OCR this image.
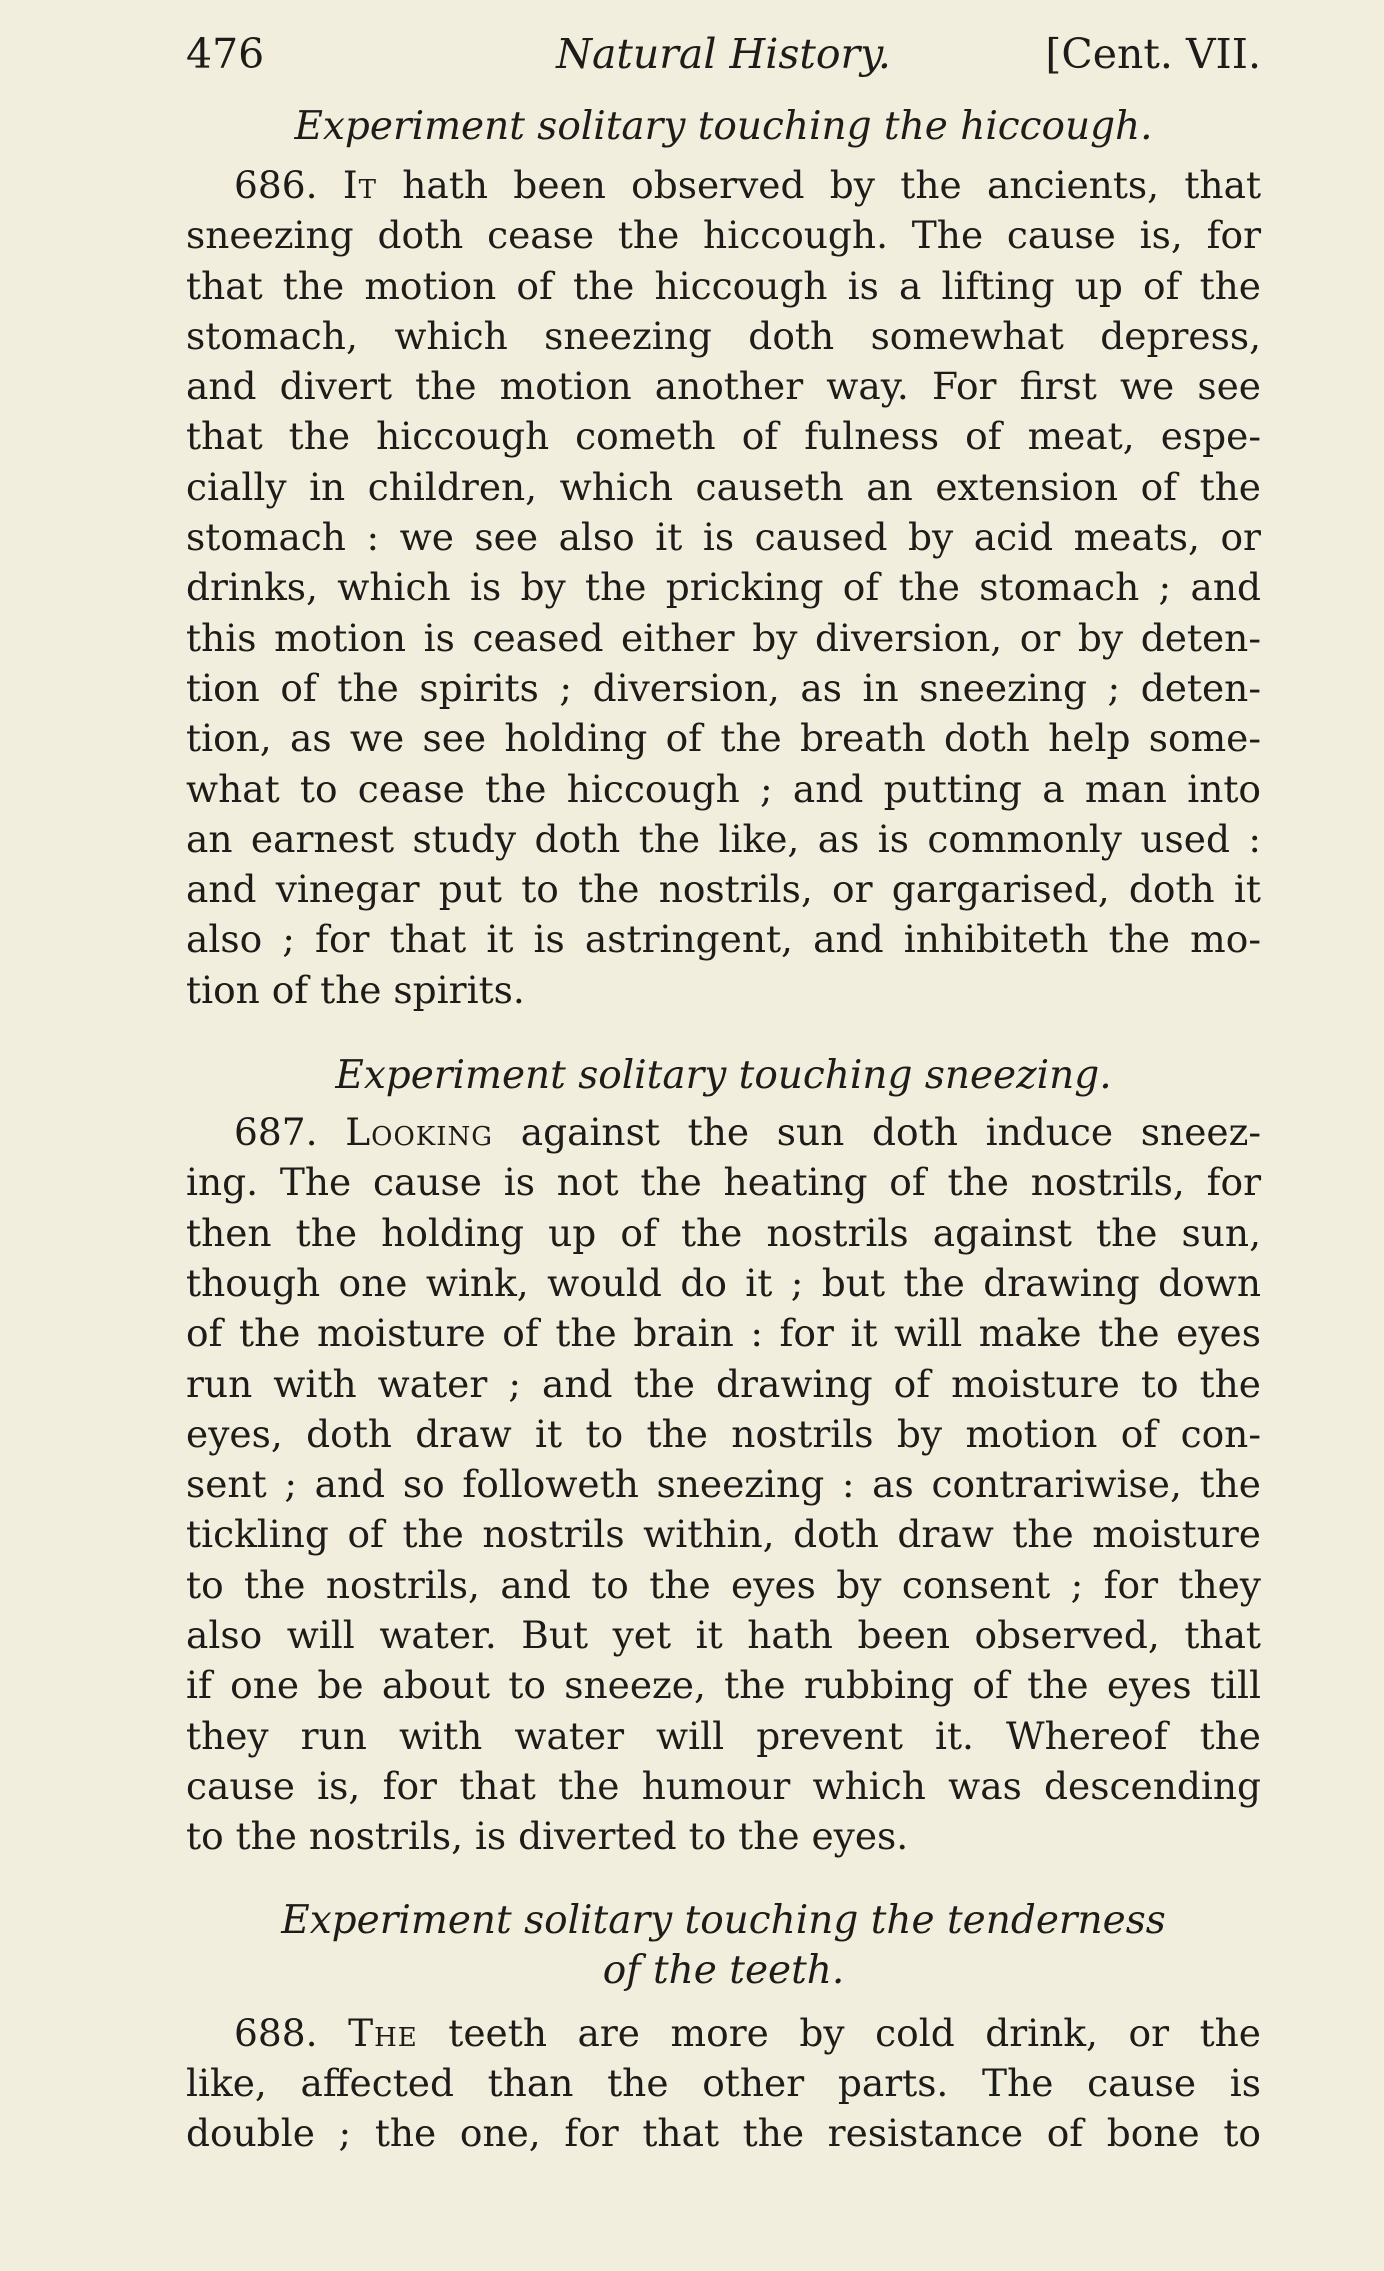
476	Natural History.	[Cent. VII.

Experiment solitary touching the hiccough.

686. It hath been observed by the ancients, that
sneezing doth cease the hiccough. The cause is, for
that the motion of the hiccough is a lifting up of the
stomach, which sneezing doth somewhat depress,
and divert the motion another way. For first we see
that the hiccough cometh of fulness of meat, espe-
cially in children, which causeth an extension of the
stomach : we see also it is caused by acid meats, or
drinks, which is by the pricking of the stomach ; and
this motion is ceased either by diversion, or by deten-
tion of the spirits ; diversion, as in sneezing ; deten-
tion, as we see holding of the breath doth help some-
what to cease the hiccough ; and putting a man into
an earnest study doth the like, as is commonly used :
and vinegar put to the nostrils, or gargarised, doth it
also ; for that it is astringent, and inhibiteth the mo-
tion of the spirits.

Experiment solitary touching sneezing.

687. Looking against the sun doth induce sneez-
ing. The cause is not the heating of the nostrils, for
then the holding up of the nostrils against the sun,
though one wink, would do it ; but the drawing down
of the moisture of the brain : for it will make the eyes
run with water ; and the drawing of moisture to the
eyes, doth draw it to the nostrils by motion of con-
sent ; and so followeth sneezing : as contrariwise, the
tickling of the nostrils within, doth draw the moisture
to the nostrils, and to the eyes by consent ; for they
also will water. But yet it hath been observed, that
if one be about to sneeze, the rubbing of the eyes till
they run with water will prevent it. Whereof the
cause is, for that the humour which was descending
to the nostrils, is diverted to the eyes.

Experiment solitary touching the tenderness
of the teeth.

688. The teeth are more by cold drink, or the
like, affected than the other parts. The cause is
double ; the one, for that the resistance of bone to
